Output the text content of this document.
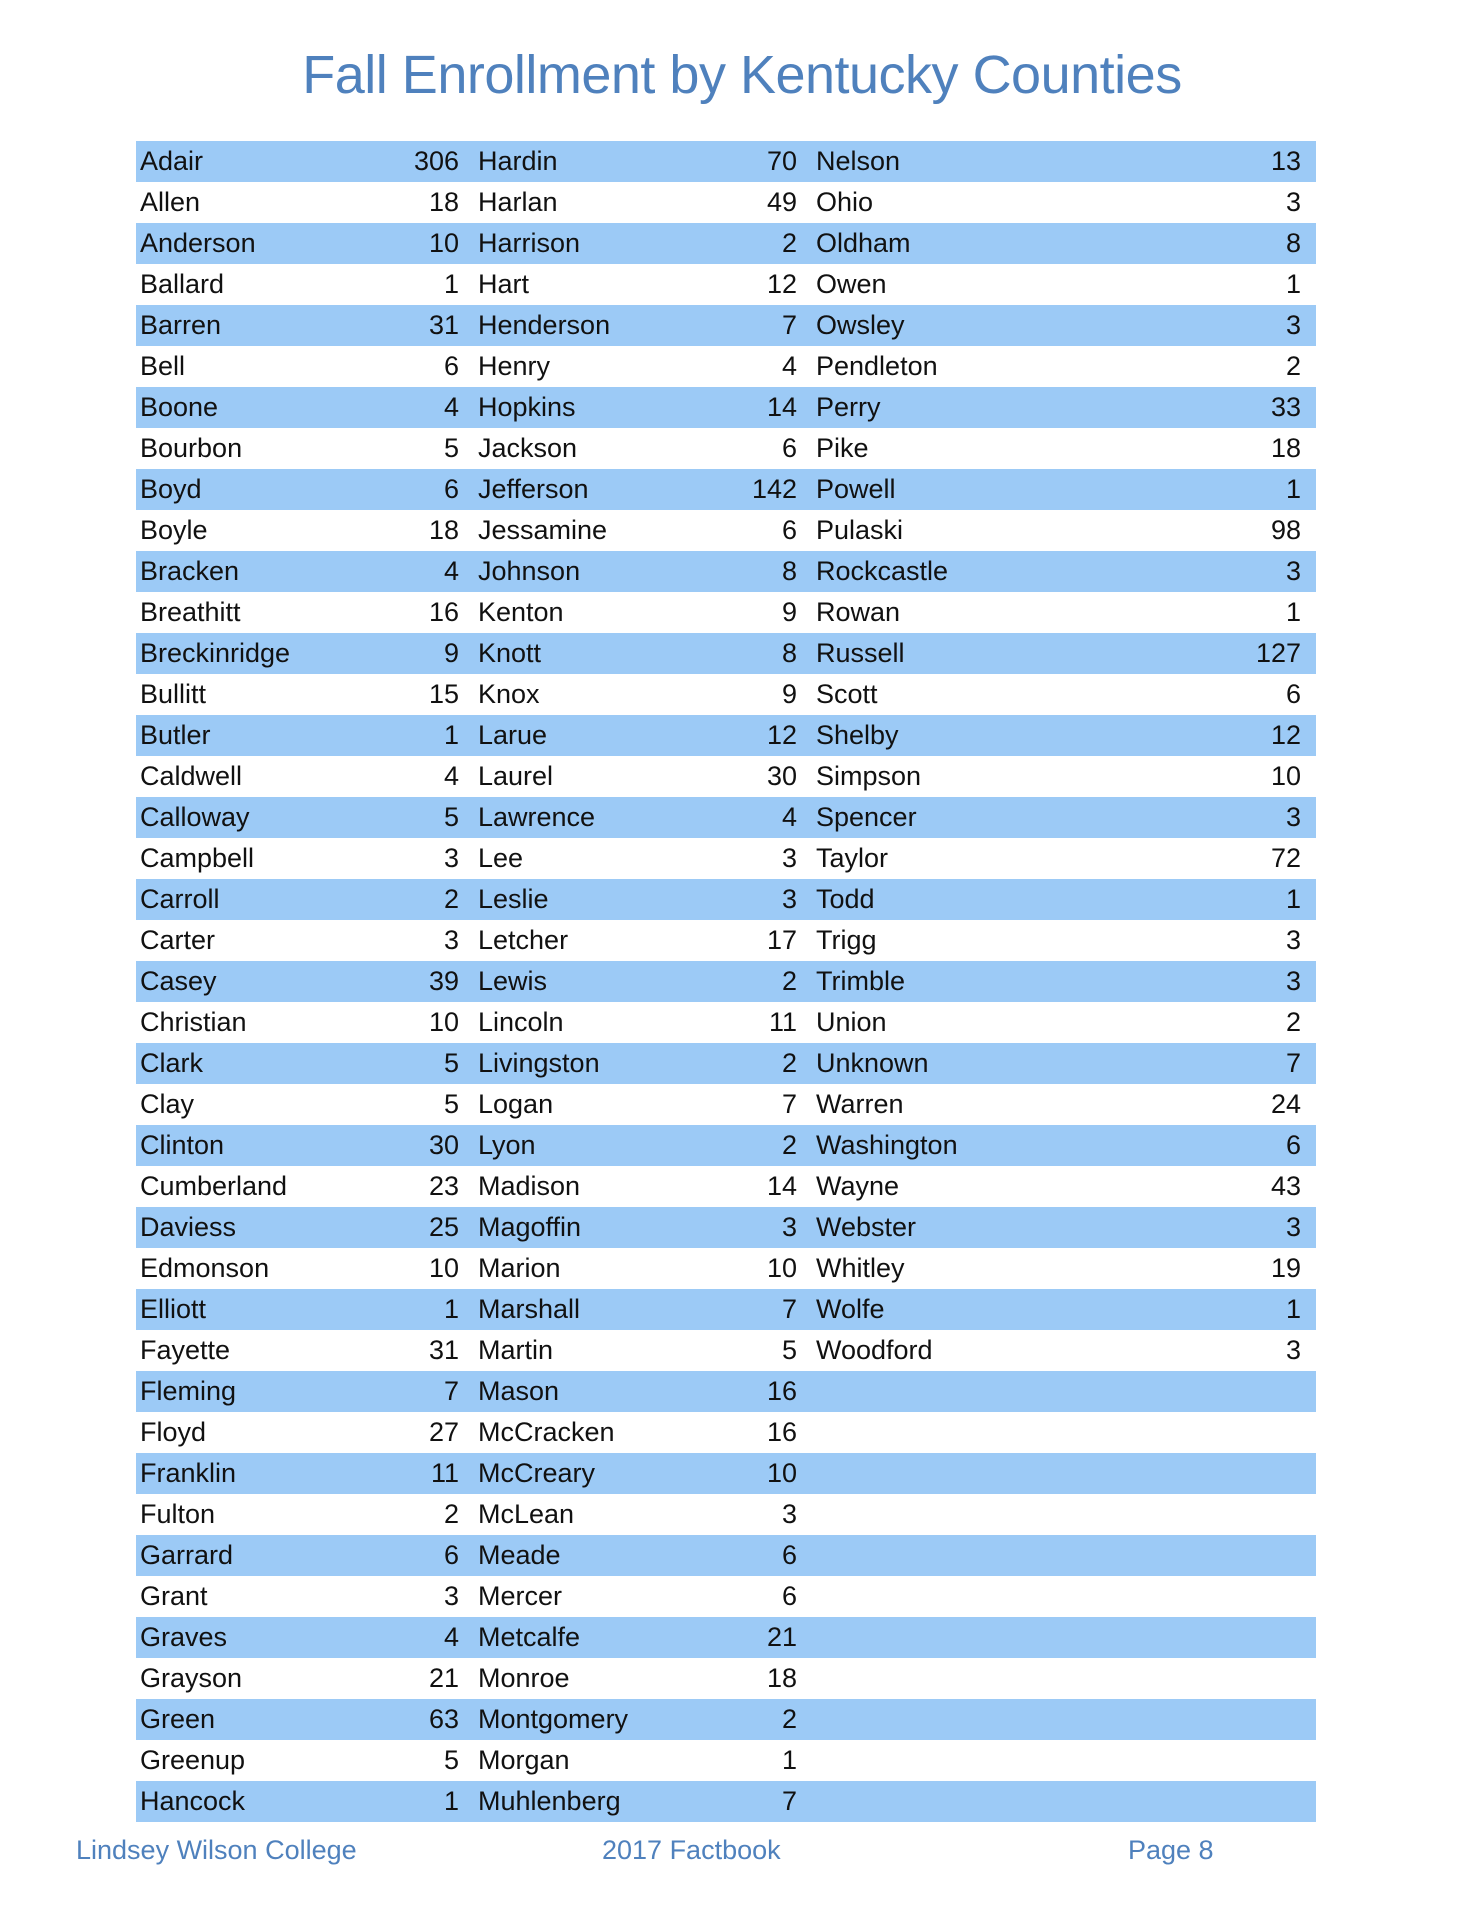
Fall Enrollment by Kentucky Counties
Adair	306	Hardin	70	Nelson	13
Allen	18	Harlan	49	Ohio	3
Anderson	10	Harrison	2	Oldham	8
Ballard	1	Hart	12	Owen	1
Barren	31	Henderson	7	Owsley	3
Bell	6	Henry	4	Pendleton	2
Boone	4	Hopkins	14	Perry	33
Bourbon	5	Jackson	6	Pike	18
Boyd	6	Jefferson	142	Powell	1
Boyle	18	Jessamine	6	Pulaski	98
Bracken	4	Johnson	8	Rockcastle	3
Breathitt	16	Kenton	9	Rowan	1
Breckinridge	9	Knott	8	Russell	127
Bullitt	15	Knox	9	Scott	6
Butler	1	Larue	12	Shelby	12
Caldwell	4	Laurel	30	Simpson	10
Calloway	5	Lawrence	4	Spencer	3
Campbell	3	Lee	3	Taylor	72
Carroll	2	Leslie	3	Todd	1
Carter	3	Letcher	17	Trigg	3
Casey	39	Lewis	2	Trimble	3
Christian	10	Lincoln	11	Union	2
Clark	5	Livingston	2	Unknown	7
Clay	5	Logan	7	Warren	24
Clinton	30	Lyon	2	Washington	6
Cumberland	23	Madison	14	Wayne	43
Daviess	25	Magoffin	3	Webster	3
Edmonson	10	Marion	10	Whitley	19
Elliott	1	Marshall	7	Wolfe	1
Fayette	31	Martin	5	Woodford	3
Fleming	7	Mason	16		
Floyd	27	McCracken	16		
Franklin	11	McCreary	10		
Fulton	2	McLean	3		
Garrard	6	Meade	6		
Grant	3	Mercer	6		
Graves	4	Metcalfe	21		
Grayson	21	Monroe	18		
Green	63	Montgomery	2		
Greenup	5	Morgan	1		
Hancock	1	Muhlenberg	7		
Lindsey Wilson College	2017 Factbook	Page 8
